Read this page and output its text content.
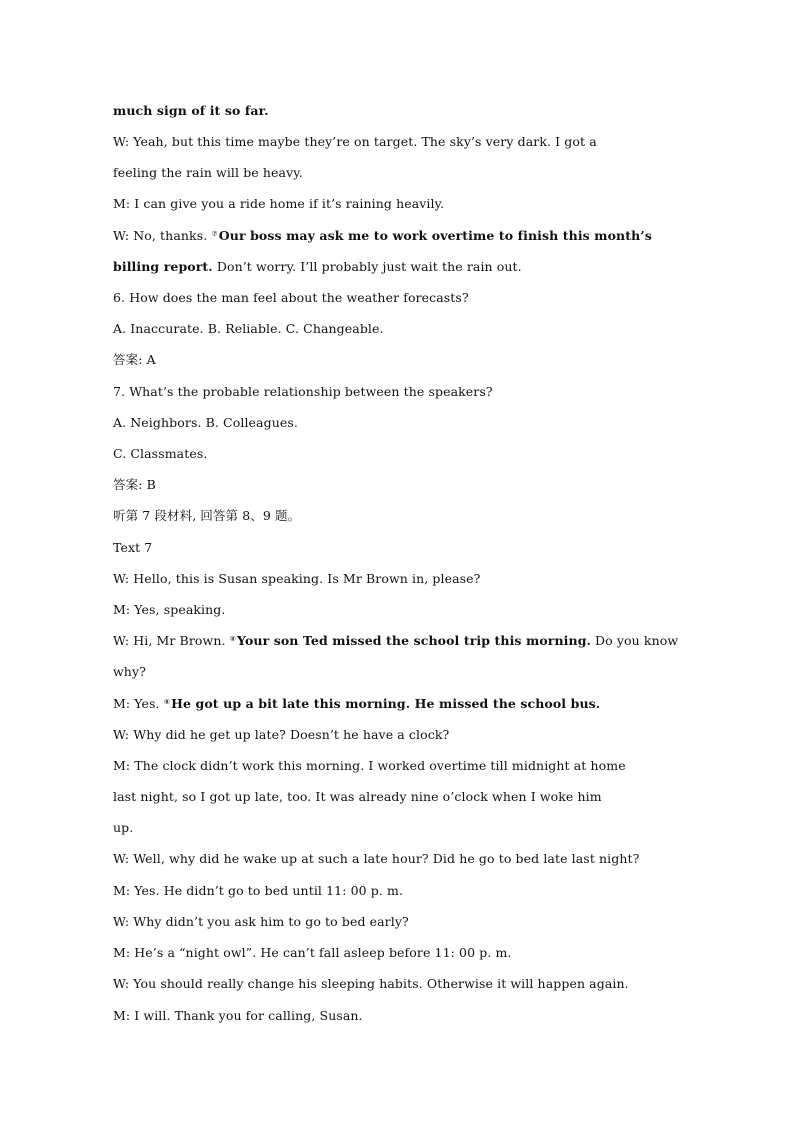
much sign of it so far.
W: Yeah, but this time maybe they’re on target. The sky’s very dark. I got a
feeling the rain will be heavy.
M: I can give you a ride home if it’s raining heavily.
W: No, thanks. ⑦Our boss may ask me to work overtime to finish this month’s
billing report. Don’t worry. I’ll probably just wait the rain out.
6. How does the man feel about the weather forecasts?
A. Inaccurate. B. Reliable. C. Changeable.
答案: A
7. What’s the probable relationship between the speakers?
A. Neighbors. B. Colleagues.
C. Classmates.
答案: B
听第 7 段材料, 回答第 8、9 题。
Text 7
W: Hello, this is Susan speaking. Is Mr Brown in, please?
M: Yes, speaking.
W: Hi, Mr Brown. ⑧Your son Ted missed the school trip this morning. Do you know
why?
M: Yes. ⑧He got up a bit late this morning. He missed the school bus.
W: Why did he get up late? Doesn’t he have a clock?
M: The clock didn’t work this morning. I worked overtime till midnight at home
last night, so I got up late, too. It was already nine o’clock when I woke him
up.
W: Well, why did he wake up at such a late hour? Did he go to bed late last night?
M: Yes. He didn’t go to bed until 11: 00 p. m.
W: Why didn’t you ask him to go to bed early?
M: He’s a “night owl”. He can’t fall asleep before 11: 00 p. m.
W: You should really change his sleeping habits. Otherwise it will happen again.
M: I will. Thank you for calling, Susan.
